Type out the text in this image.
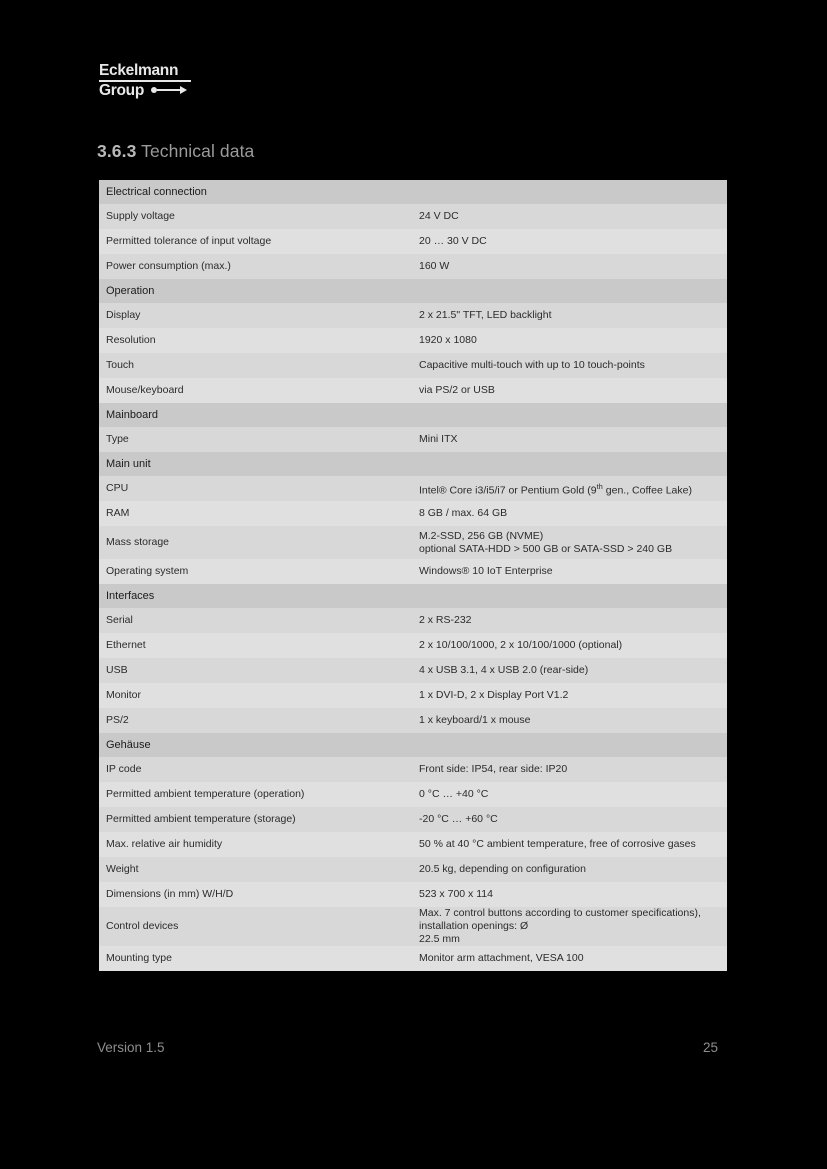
Eckelmann
Group
3.6.3 Technical data
Electrical connection	
Supply voltage	24 V DC
Permitted tolerance of input voltage	20 … 30 V DC
Power consumption (max.)	160 W
Operation	
Display	2 x 21.5" TFT, LED backlight
Resolution	1920 x 1080
Touch	Capacitive multi-touch with up to 10 touch-points
Mouse/keyboard	via PS/2 or USB
Mainboard	
Type	Mini ITX
Main unit	
CPU	Intel® Core i3/i5/i7 or Pentium Gold (9th gen., Coffee Lake)
RAM	8 GB / max. 64 GB
Mass storage	M.2-SSD, 256 GB (NVME)
optional SATA-HDD > 500 GB or SATA-SSD > 240 GB
Operating system	Windows® 10 IoT Enterprise
Interfaces	
Serial	2 x RS-232
Ethernet	2 x 10/100/1000, 2 x 10/100/1000 (optional)
USB	4 x USB 3.1, 4 x USB 2.0 (rear-side)
Monitor	1 x DVI-D, 2 x Display Port V1.2
PS/2	1 x keyboard/1 x mouse
Gehäuse	
IP code	Front side: IP54, rear side: IP20
Permitted ambient temperature (operation)	0 °C … +40 °C
Permitted ambient temperature (storage)	-20 °C … +60 °C
Max. relative air humidity	50 % at 40 °C ambient temperature, free of corrosive gases
Weight	20.5 kg, depending on configuration
Dimensions (in mm) W/H/D	523 x 700 x 114
Control devices	Max. 7 control buttons according to customer specifications), installation openings: Ø
22.5 mm
Mounting type	Monitor arm attachment, VESA 100
Version 1.5	25
